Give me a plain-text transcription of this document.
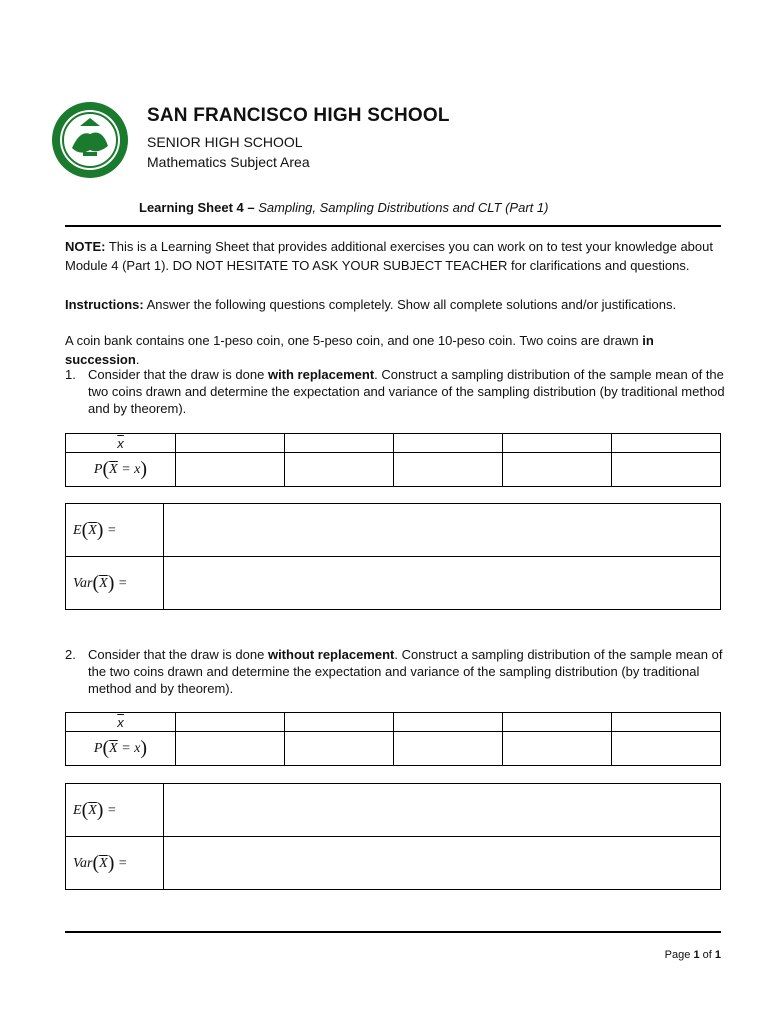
SAN FRANCISCO HIGH SCHOOL
SENIOR HIGH SCHOOL
Mathematics Subject Area
Learning Sheet 4 – Sampling, Sampling Distributions and CLT (Part 1)
NOTE: This is a Learning Sheet that provides additional exercises you can work on to test your knowledge about Module 4 (Part 1). DO NOT HESITATE TO ASK YOUR SUBJECT TEACHER for clarifications and questions.
Instructions: Answer the following questions completely. Show all complete solutions and/or justifications.
A coin bank contains one 1-peso coin, one 5-peso coin, and one 10-peso coin. Two coins are drawn in succession.
1. Consider that the draw is done with replacement. Construct a sampling distribution of the sample mean of the two coins drawn and determine the expectation and variance of the sampling distribution (by traditional method and by theorem).
$\overline{x}$					
$P(\overline{X} = x)$					
$E(\overline{X})$ =	
$Var(\overline{X})$ =	
2. Consider that the draw is done without replacement. Construct a sampling distribution of the sample mean of the two coins drawn and determine the expectation and variance of the sampling distribution (by traditional method and by theorem).
$\overline{x}$					
$P(\overline{X} = x)$					
$E(\overline{X})$ =	
$Var(\overline{X})$ =	
Page 1 of 1
